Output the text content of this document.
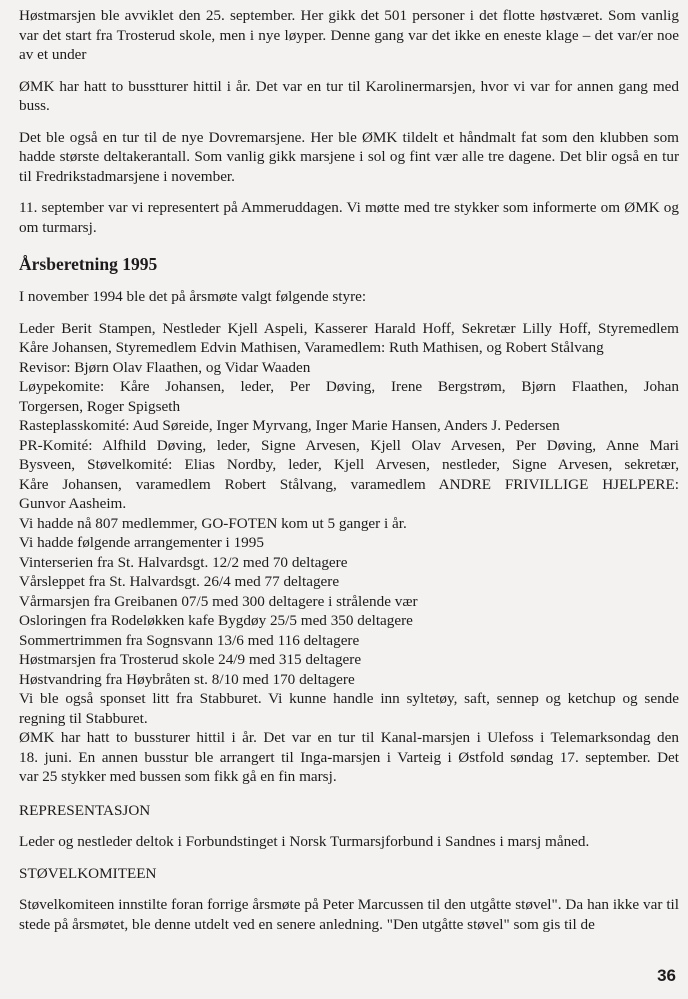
Høstmarsjen ble avviklet den 25. september. Her gikk det 501 personer i det flotte høstværet. Som vanlig var det start fra Trosterud skole, men i nye løyper. Denne gang var det ikke en eneste klage – det var/er noe av et under

ØMK har hatt to busstturer hittil i år. Det var en tur til Karolinermarsjen, hvor vi var for annen gang med buss.

Det ble også en tur til de nye Dovremarsjene. Her ble ØMK tildelt et håndmalt fat som den klubben som hadde største deltakerantall. Som vanlig gikk marsjene i sol og fint vær alle tre dagene. Det blir også en tur til Fredrikstadmarsjene i november.

11. september var vi representert på Ammeruddagen. Vi møtte med tre stykker som informerte om ØMK og om turmarsj.

Årsberetning 1995

I november 1994 ble det på årsmøte valgt følgende styre:

Leder Berit Stampen, Nestleder Kjell Aspeli, Kasserer Harald Hoff, Sekretær Lilly Hoff, Styremedlem
Kåre Johansen, Styremedlem Edvin Mathisen, Varamedlem: Ruth Mathisen, og Robert Stålvang
Revisor: Bjørn Olav Flaathen, og Vidar Waaden
Løypekomite: Kåre Johansen, leder, Per Døving, Irene Bergstrøm, Bjørn Flaathen, Johan
Torgersen, Roger Spigseth
Rasteplasskomité: Aud Søreide, Inger Myrvang, Inger Marie Hansen, Anders J. Pedersen
PR-Komité: Alfhild Døving, leder, Signe Arvesen, Kjell Olav Arvesen, Per Døving, Anne Mari
Bysveen, Støvelkomité: Elias Nordby, leder, Kjell Arvesen, nestleder, Signe Arvesen, sekretær,
Kåre Johansen, varamedlem Robert Stålvang, varamedlem ANDRE FRIVILLIGE HJELPERE:
Gunvor Aasheim.
Vi hadde nå 807 medlemmer, GO-FOTEN kom ut 5 ganger i år.
Vi hadde følgende arrangementer i 1995
Vinterserien fra St. Halvardsgt. 12/2 med 70 deltagere
Vårsleppet fra St. Halvardsgt. 26/4 med 77 deltagere
Vårmarsjen fra Greibanen 07/5 med 300 deltagere i strålende vær
Osloringen fra Rodeløkken kafe Bygdøy 25/5 med 350 deltagere
Sommertrimmen fra Sognsvann 13/6 med 116 deltagere
Høstmarsjen fra Trosterud skole 24/9 med 315 deltagere
Høstvandring fra Høybråten st. 8/10 med 170 deltagere
Vi ble også sponset litt fra Stabburet. Vi kunne handle inn syltetøy, saft, sennep og ketchup og sende
regning til Stabburet.
ØMK har hatt to bussturer hittil i år. Det var en tur til Kanal-marsjen i Ulefoss i Telemarksondag den
18. juni. En annen busstur ble arrangert til Inga-marsjen i Varteig i Østfold søndag 17. september. Det
var 25 stykker med bussen som fikk gå en fin marsj.
REPRESENTASJON

Leder og nestleder deltok i Forbundstinget i Norsk Turmarsjforbund i Sandnes i marsj måned.

STØVELKOMITEEN

Støvelkomiteen innstilte foran forrige årsmøte på Peter Marcussen til den utgåtte støvel". Da han ikke var til stede på årsmøtet, ble denne utdelt ved en senere anledning. "Den utgåtte støvel" som gis til de

36
